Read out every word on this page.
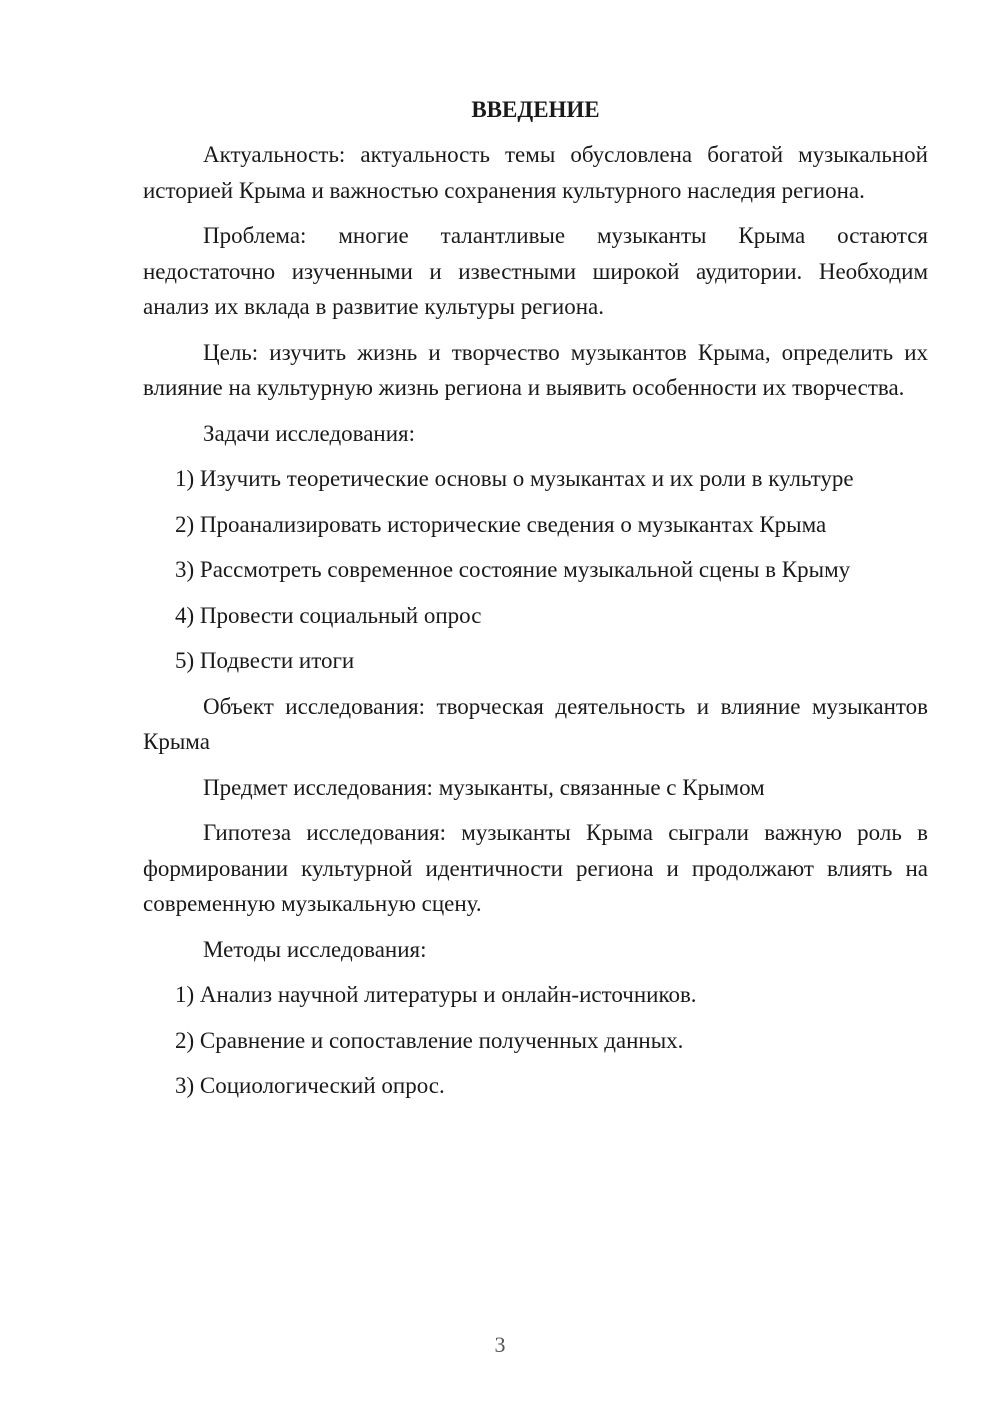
ВВЕДЕНИЕ

Актуальность: актуальность темы обусловлена богатой музыкальной историей Крыма и важностью сохранения культурного наследия региона.

Проблема: многие талантливые музыканты Крыма остаются недостаточно изученными и известными широкой аудитории. Необходим анализ их вклада в развитие культуры региона.

Цель: изучить жизнь и творчество музыкантов Крыма, определить их влияние на культурную жизнь региона и выявить особенности их творчества.

Задачи исследования:

1) Изучить теоретические основы о музыкантах и их роли в культуре

2) Проанализировать исторические сведения о музыкантах Крыма

3) Рассмотреть современное состояние музыкальной сцены в Крыму

4) Провести социальный опрос

5) Подвести итоги

Объект исследования: творческая деятельность и влияние музыкантов Крыма

Предмет исследования: музыканты, связанные с Крымом

Гипотеза исследования: музыканты Крыма сыграли важную роль в формировании культурной идентичности региона и продолжают влиять на современную музыкальную сцену.

Методы исследования:

1) Анализ научной литературы и онлайн-источников.

2) Сравнение и сопоставление полученных данных.

3) Социологический опрос.

3
